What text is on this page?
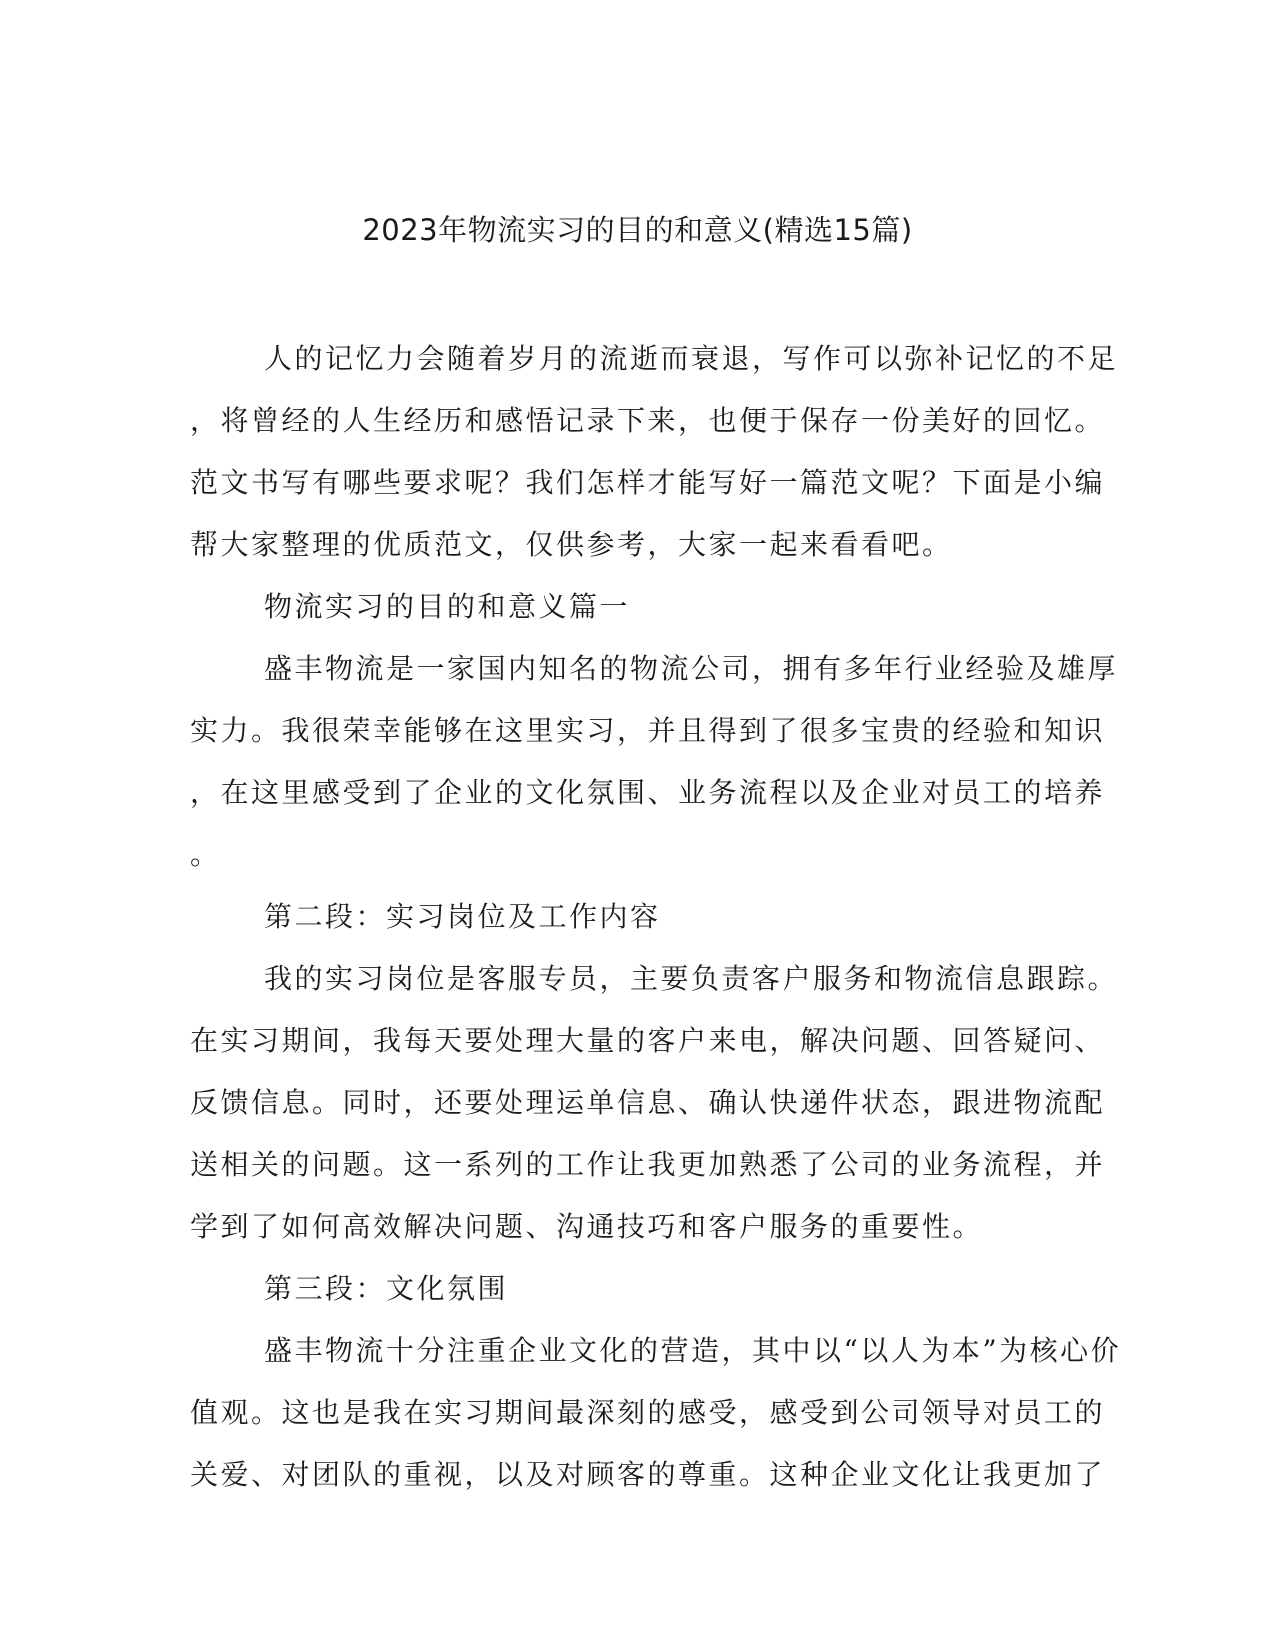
2023年物流实习的目的和意义(精选15篇)
人的记忆力会随着岁月的流逝而衰退，写作可以弥补记忆的不足
，将曾经的人生经历和感悟记录下来，也便于保存一份美好的回忆。
范文书写有哪些要求呢？我们怎样才能写好一篇范文呢？下面是小编
帮大家整理的优质范文，仅供参考，大家一起来看看吧。
物流实习的目的和意义篇一
盛丰物流是一家国内知名的物流公司，拥有多年行业经验及雄厚
实力。我很荣幸能够在这里实习，并且得到了很多宝贵的经验和知识
，在这里感受到了企业的文化氛围、业务流程以及企业对员工的培养
。
第二段：实习岗位及工作内容
我的实习岗位是客服专员，主要负责客户服务和物流信息跟踪。
在实习期间，我每天要处理大量的客户来电，解决问题、回答疑问、
反馈信息。同时，还要处理运单信息、确认快递件状态，跟进物流配
送相关的问题。这一系列的工作让我更加熟悉了公司的业务流程，并
学到了如何高效解决问题、沟通技巧和客户服务的重要性。
第三段：文化氛围
盛丰物流十分注重企业文化的营造，其中以“以人为本”为核心价
值观。这也是我在实习期间最深刻的感受，感受到公司领导对员工的
关爱、对团队的重视，以及对顾客的尊重。这种企业文化让我更加了
